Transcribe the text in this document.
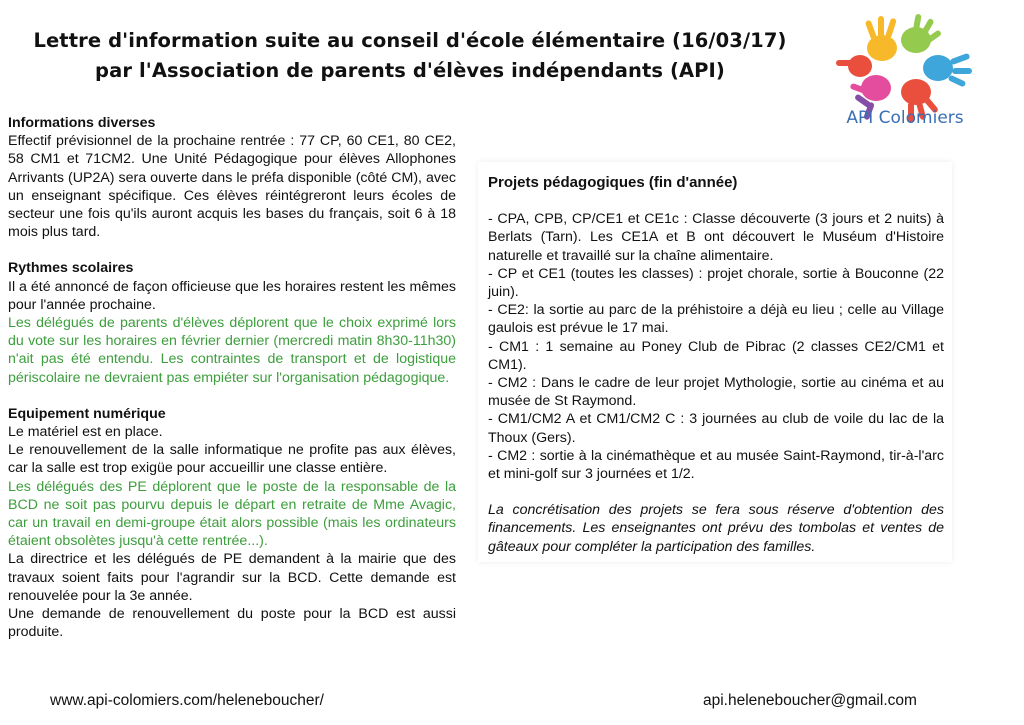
Lettre d'information suite au conseil d'école élémentaire (16/03/17)
par l'Association de parents d'élèves indépendants (API)
API Colomiers

Informations diverses

Effectif prévisionnel de la prochaine rentrée : 77 CP, 60 CE1, 80 CE2, 58 CM1 et 71CM2. Une Unité Pédagogique pour élèves Allophones Arrivants (UP2A) sera ouverte dans le préfa disponible (côté CM), avec un enseignant spécifique. Ces élèves réintégreront leurs écoles de secteur une fois qu'ils auront acquis les bases du français, soit 6 à 18 mois plus tard.

Rythmes scolaires

Il a été annoncé de façon officieuse que les horaires restent les mêmes pour l'année prochaine.

Les délégués de parents d'élèves déplorent que le choix exprimé lors du vote sur les horaires en février dernier (mercredi matin 8h30-11h30) n'ait pas été entendu. Les contraintes de transport et de logistique périscolaire ne devraient pas empiéter sur l'organisation pédagogique.

Equipement numérique

Le matériel est en place.

Le renouvellement de la salle informatique ne profite pas aux élèves, car la salle est trop exigüe pour accueillir une classe entière.

Les délégués des PE déplorent que le poste de la responsable de la BCD ne soit pas pourvu depuis le départ en retraite de Mme Avagic, car un travail en demi-groupe était alors possible (mais les ordinateurs étaient obsolètes jusqu'à cette rentrée...).

La directrice et les délégués de PE demandent à la mairie que des travaux soient faits pour l'agrandir sur la BCD. Cette demande est renouvelée pour la 3e année.

Une demande de renouvellement du poste pour la BCD est aussi produite.

Projets pédagogiques (fin d'année)

- CPA, CPB, CP/CE1 et CE1c : Classe découverte (3 jours et 2 nuits) à Berlats (Tarn). Les CE1A et B ont découvert le Muséum d'Histoire naturelle et travaillé sur la chaîne alimentaire.

- CP et CE1 (toutes les classes) : projet chorale, sortie à Bouconne (22 juin).

- CE2: la sortie au parc de la préhistoire a déjà eu lieu ; celle au Village gaulois est prévue le 17 mai.

- CM1 : 1 semaine au Poney Club de Pibrac (2 classes CE2/CM1 et CM1).

- CM2 : Dans le cadre de leur projet Mythologie, sortie au cinéma et au musée de St Raymond.

- CM1/CM2 A et CM1/CM2 C : 3 journées au club de voile du lac de la Thoux (Gers).

- CM2 : sortie à la cinémathèque et au musée Saint-Raymond, tir-à-l'arc et mini-golf sur 3 journées et 1/2.

La concrétisation des projets se fera sous réserve d'obtention des financements. Les enseignantes ont prévu des tombolas et ventes de gâteaux pour compléter la participation des familles.

www.api-colomiers.com/heleneboucher/	api.heleneboucher@gmail.com
